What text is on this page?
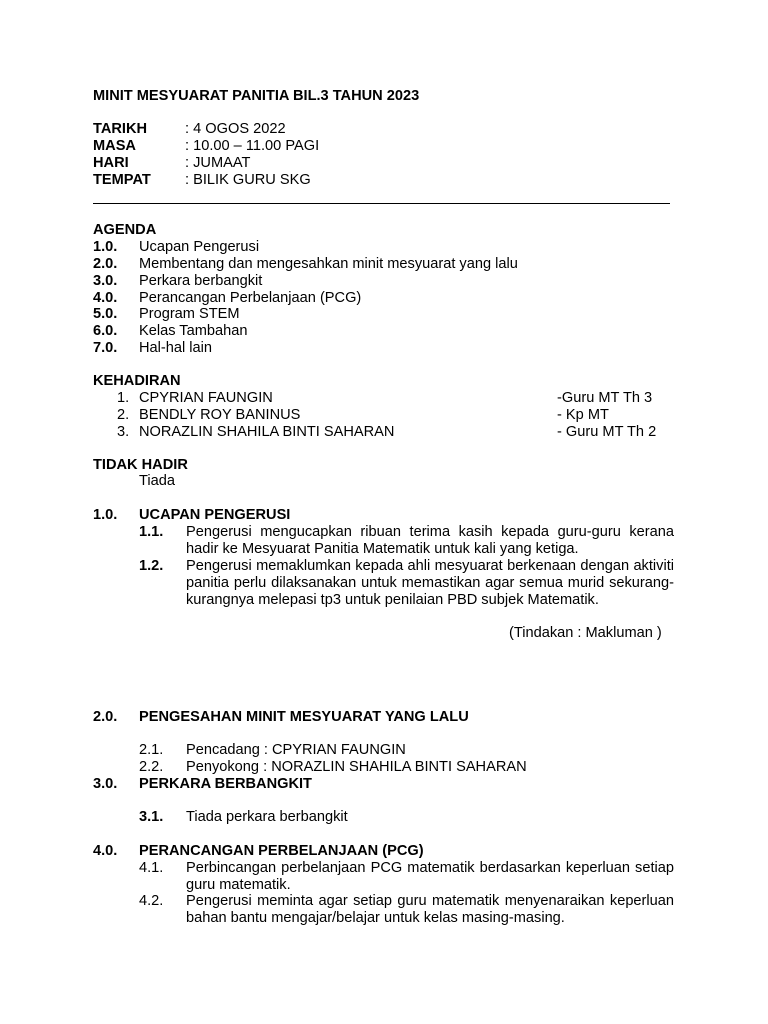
MINIT MESYUARAT PANITIA BIL.3 TAHUN 2023
TARIKH	: 4 OGOS 2022
MASA	: 10.00 – 11.00 PAGI
HARI	: JUMAAT
TEMPAT : BILIK GURU SKG
AGENDA
1.0. Ucapan Pengerusi
2.0. Membentang dan mengesahkan minit mesyuarat yang lalu
3.0. Perkara berbangkit
4.0. Perancangan Perbelanjaan (PCG)
5.0. Program STEM
6.0. Kelas Tambahan
7.0. Hal-hal lain
KEHADIRAN
1. CPYRIAN FAUNGIN	-Guru MT Th 3
2. BENDLY ROY BANINUS	- Kp MT
3. NORAZLIN SHAHILA BINTI SAHARAN	- Guru MT Th 2
TIDAK HADIR
Tiada
1.0. UCAPAN PENGERUSI
1.1. Pengerusi mengucapkan ribuan terima kasih kepada guru-guru kerana hadir ke Mesyuarat Panitia Matematik untuk kali yang ketiga.
1.2. Pengerusi memaklumkan kepada ahli mesyuarat berkenaan dengan aktiviti panitia perlu dilaksanakan untuk memastikan agar semua murid sekurang-kurangnya melepasi tp3 untuk penilaian PBD subjek Matematik.
(Tindakan : Makluman )
2.0. PENGESAHAN MINIT MESYUARAT YANG LALU
2.1. Pencadang : CPYRIAN FAUNGIN
2.2. Penyokong : NORAZLIN SHAHILA BINTI SAHARAN
3.0. PERKARA BERBANGKIT
3.1. Tiada perkara berbangkit
4.0. PERANCANGAN PERBELANJAAN (PCG)
4.1. Perbincangan perbelanjaan PCG matematik berdasarkan keperluan setiap guru matematik.
4.2. Pengerusi meminta agar setiap guru matematik menyenaraikan keperluan bahan bantu mengajar/belajar untuk kelas masing-masing.
